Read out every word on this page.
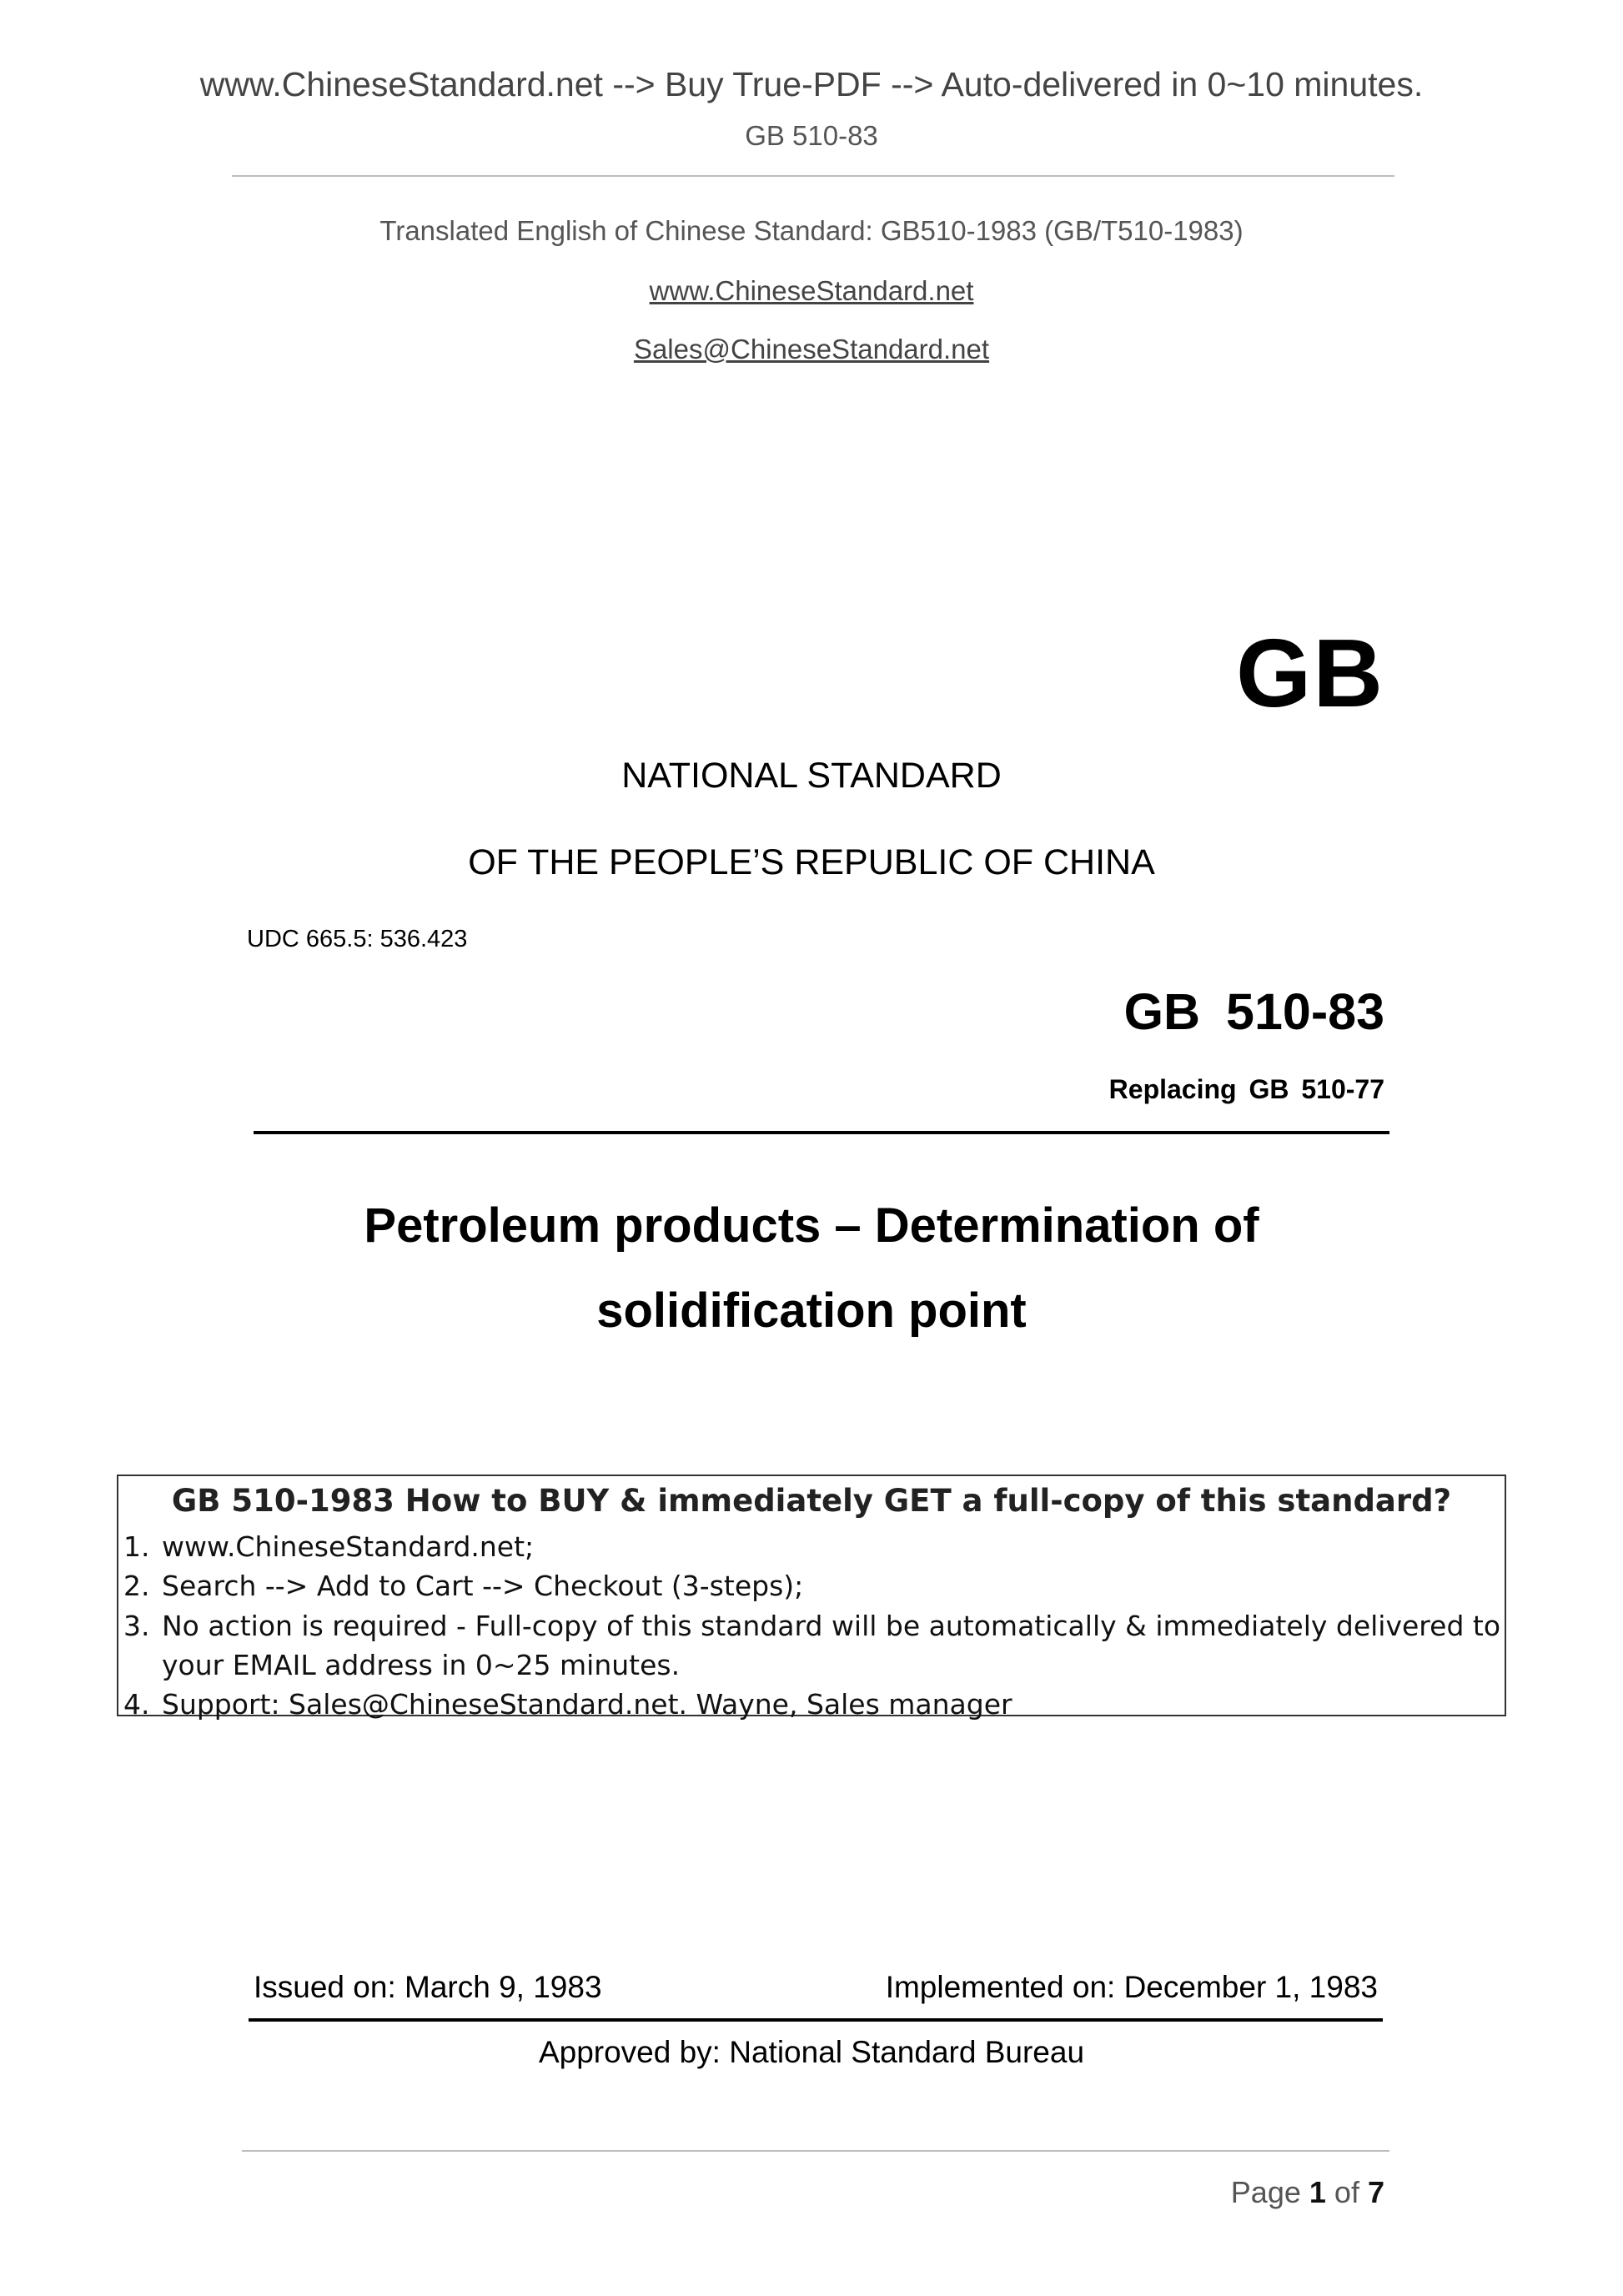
www.ChineseStandard.net --> Buy True-PDF --> Auto-delivered in 0~10 minutes.
GB 510-83
Translated English of Chinese Standard: GB510-1983 (GB/T510-1983)
www.ChineseStandard.net
Sales@ChineseStandard.net
GB
NATIONAL STANDARD
OF THE PEOPLE’S REPUBLIC OF CHINA
UDC 665.5: 536.423
GB 510-83
Replacing GB 510-77
Petroleum products – Determination of
solidification point
GB 510-1983 How to BUY & immediately GET a full-copy of this standard?
1. www.ChineseStandard.net;
2. Search --> Add to Cart --> Checkout (3-steps);
3. No action is required - Full-copy of this standard will be automatically & immediately delivered to
your EMAIL address in 0~25 minutes.
4. Support: Sales@ChineseStandard.net. Wayne, Sales manager
Issued on: March 9, 1983	Implemented on: December 1, 1983
Approved by: National Standard Bureau
Page 1 of 7
